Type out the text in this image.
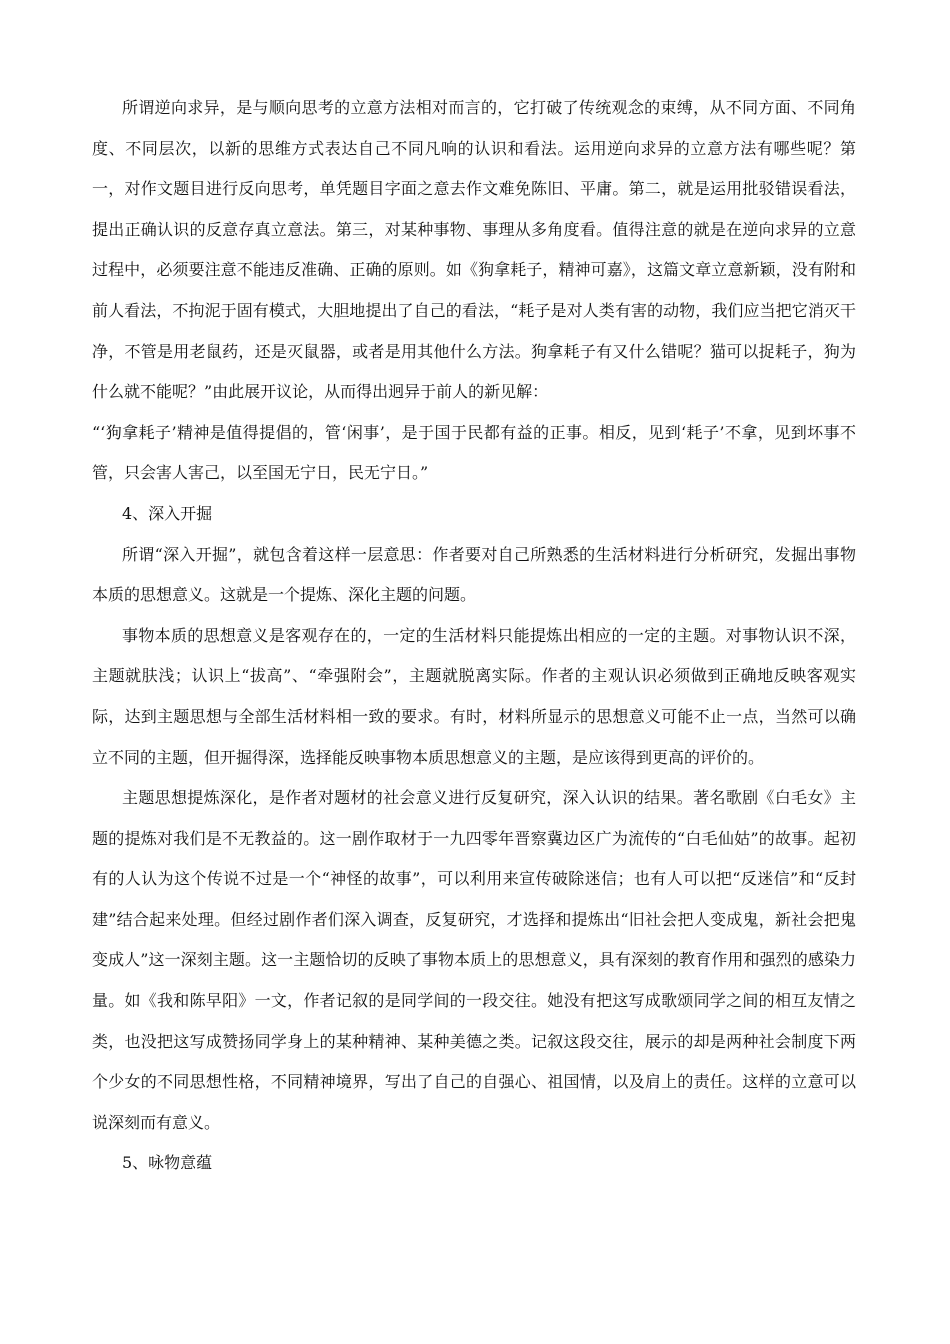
所谓逆向求异，是与顺向思考的立意方法相对而言的，它打破了传统观念的束缚，从不同方面、不同角度、不同层次，以新的思维方式表达自己不同凡响的认识和看法。运用逆向求异的立意方法有哪些呢？第一，对作文题目进行反向思考，单凭题目字面之意去作文难免陈旧、平庸。第二，就是运用批驳错误看法，提出正确认识的反意存真立意法。第三，对某种事物、事理从多角度看。值得注意的就是在逆向求异的立意过程中，必须要注意不能违反准确、正确的原则。如《狗拿耗子，精神可嘉》，这篇文章立意新颖，没有附和前人看法，不拘泥于固有模式，大胆地提出了自己的看法，“耗子是对人类有害的动物，我们应当把它消灭干净，不管是用老鼠药，还是灭鼠器，或者是用其他什么方法。狗拿耗子有又什么错呢？猫可以捉耗子，狗为什么就不能呢？”由此展开议论，从而得出迥异于前人的新见解：

“‘狗拿耗子’精神是值得提倡的，管‘闲事’，是于国于民都有益的正事。相反，见到‘耗子’不拿，见到坏事不管，只会害人害己，以至国无宁日，民无宁日。”

4、深入开掘

所谓“深入开掘”，就包含着这样一层意思：作者要对自己所熟悉的生活材料进行分析研究，发掘出事物本质的思想意义。这就是一个提炼、深化主题的问题。

事物本质的思想意义是客观存在的，一定的生活材料只能提炼出相应的一定的主题。对事物认识不深，主题就肤浅；认识上“拔高”、“牵强附会”，主题就脱离实际。作者的主观认识必须做到正确地反映客观实际，达到主题思想与全部生活材料相一致的要求。有时，材料所显示的思想意义可能不止一点，当然可以确立不同的主题，但开掘得深，选择能反映事物本质思想意义的主题，是应该得到更高的评价的。

主题思想提炼深化，是作者对题材的社会意义进行反复研究，深入认识的结果。著名歌剧《白毛女》主题的提炼对我们是不无教益的。这一剧作取材于一九四零年晋察冀边区广为流传的“白毛仙姑”的故事。起初有的人认为这个传说不过是一个“神怪的故事”，可以利用来宣传破除迷信；也有人可以把“反迷信”和“反封建”结合起来处理。但经过剧作者们深入调查，反复研究，才选择和提炼出“旧社会把人变成鬼，新社会把鬼变成人”这一深刻主题。这一主题恰切的反映了事物本质上的思想意义，具有深刻的教育作用和强烈的感染力量。如《我和陈早阳》一文，作者记叙的是同学间的一段交往。她没有把这写成歌颂同学之间的相互友情之类，也没把这写成赞扬同学身上的某种精神、某种美德之类。记叙这段交往，展示的却是两种社会制度下两个少女的不同思想性格，不同精神境界，写出了自己的自强心、祖国情，以及肩上的责任。这样的立意可以说深刻而有意义。

5、咏物意蕴
